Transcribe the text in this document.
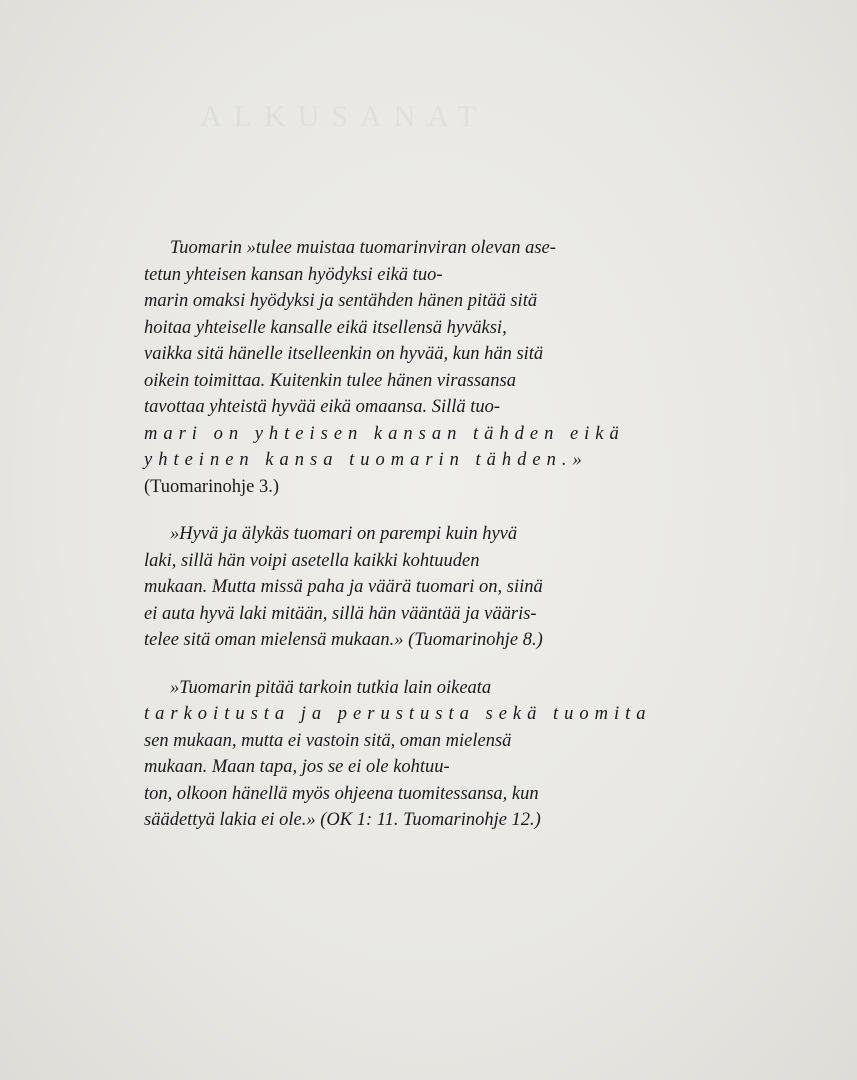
ALKUSANAT
Tuomarin »tulee muistaa tuomarinviran olevan ase-
tetun yhteisen kansan hyödyksi eikä tuo-
marin omaksi hyödyksi ja sentähden hänen pitää sitä
hoitaa yhteiselle kansalle eikä itsellensä hyväksi,
vaikka sitä hänelle itselleenkin on hyvää, kun hän sitä
oikein toimittaa. Kuitenkin tulee hänen virassansa
tavottaa yhteistä hyvää eikä omaansa. Sillä tuo-
mari on yhteisen kansan tähden eikä
yhteinen kansa tuomarin tähden.»
(Tuomarinohje 3.)
»Hyvä ja älykäs tuomari on parempi kuin hyvä
laki, sillä hän voipi asetella kaikki kohtuuden
mukaan. Mutta missä paha ja väärä tuomari on, siinä
ei auta hyvä laki mitään, sillä hän vääntää ja vääris-
telee sitä oman mielensä mukaan.» (Tuomarinohje 8.)
»Tuomarin pitää tarkoin tutkia lain oikeata
tarkoitusta ja perustusta sekä tuomita
sen mukaan, mutta ei vastoin sitä, oman mielensä
mukaan. Maan tapa, jos se ei ole kohtuu-
ton, olkoon hänellä myös ohjeena tuomitessansa, kun
säädettyä lakia ei ole.» (OK 1: 11. Tuomarinohje 12.)
